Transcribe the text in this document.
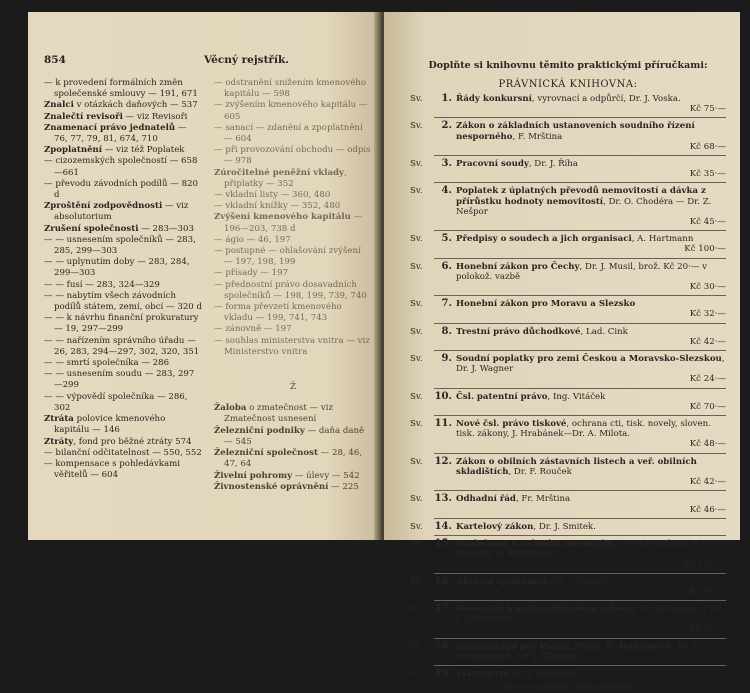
854	Věcný rejstřík.

— k provedení formálních změn společenské smlouvy — 191, 671

Znalci v otázkách daňových — 537

Znalečtí revisoři — viz Revisoři

Znamenací právo jednatelů — 76, 77, 79, 81, 674, 710

Zpoplatnění — viz též Poplatek

— cizozemských společností — 658—661

— převodu závodních podílů — 820 d

Zproštění zodpovědnosti — viz absolutorium

Zrušení společnosti — 283—303

— — usnesením společníků — 283, 285, 299—303

— — uplynutím doby — 283, 284, 299—303

— — fusí — 283, 324—329

— — nabytím všech závodních podílů státem, zemí, obcí — 320 d

— — k návrhu finanční prokuratury — 19, 297—299

— — nařízením správního úřadu — 26, 283, 294—297, 302, 320, 351

— — smrtí společníka — 286

— — usnesením soudu — 283, 297—299

— — výpovědí společníka — 286, 302

Ztráta polovice kmenového kapitálu — 146

Ztráty, fond pro běžné ztráty 574

— bilanční odčitatelnost — 550, 552

— kompensace s pohledávkami věřitelů — 604

— odstranění snížením kmenového kapitálu — 598

— zvýšením kmenového kapitálu — 605

— sanací — zdanění a zpoplatnění — 604

— při provozování obchodu — odpis — 978

Zúročitelné peněžní vklady, připlatky — 352

— vkladní listy — 360, 480

— vkladní knížky — 352, 480

Zvýšení kmenového kapitálu — 196—203, 738 d

— ágio — 46, 197

— postupné — ohlašování zvýšení — 197, 198, 199

— přísady — 197

— přednostní právo dosavadních společníků — 198, 199, 739, 740

— forma převzetí kmenového vkladu — 199, 741, 743

— zánovně — 197

— souhlas ministerstva vnitra — viz Ministerstvo vnitra

Ž

Žaloba o zmatečnost — viz Zmatečnost usnesení

Železniční podniky — daňa daně — 545

Železniční společnost — 28, 46, 47, 64

Živelní pohromy — úlevy — 542

Živnostenské oprávnění — 225

Doplňte si knihovnu těmito praktickými příručkami:
PRÁVNICKÁ KNIHOVNA:
Sv.	1. Řády konkursní, vyrovnací a odpůrčí, Dr. J. Voska.
Kč 75·—
Sv.	2. Zákon o základních ustanoveních soudního řízení nesporného, F. Mrština
Kč 68·—
Sv.	3. Pracovní soudy, Dr. J. Říha
Kč 35·—
Sv.	4. Poplatek z úplatných převodů nemovitostí a dávka z přírůstku hodnoty nemovitostí, Dr. O. Chodéra — Dr. Z. Nešpor
Kč 45·—
Sv.	5. Předpisy o soudech a jich organisaci, A. Hartmann
Kč 100·—
Sv.	6. Honební zákon pro Čechy, Dr. J. Musil, brož. Kč 20·— v polokož. vazbě
Kč 30·—
Sv.	7. Honební zákon pro Moravu a Slezsko
Kč 32·—
Sv.	8. Trestní právo důchodkové, Lad. Cink
Kč 42·—
Sv.	9. Soudní poplatky pro zemi Českou a Moravsko-Slezskou, Dr. J. Wagner
Kč 24·—
Sv.	10. Čsl. patentní právo, Ing. Vitáček
Kč 70·—
Sv.	11. Nové čsl. právo tiskové, ochrana cti, tisk. novely, sloven. tisk. zákony, J. Hrabánek—Dr. A. Milota.
Kč 48·—
Sv.	12. Zákon o obilních zástavních listech a veř. obilních skladištích, Dr. F. Rouček
Kč 42·—
Sv.	13. Odhadní řád, Fr. Mrština
Kč 46·—
Sv.	14. Kartelový zákon, Dr. J. Smitek.
Sv.	15. Společnost s ručením omezeným, Dr. H.Patsch-Dr. P. C. Nesý-Dr. A. Kozáková
Kč 100·—
Sv.	16. Akciová společnost, Dr. J. Počvář
Kč 55·—
Sv.	17. Komentář k automobilovému zákonu, A. Hartmann — Dr. J. Guttenstein
Kč 45·—
Sv.	18. Stavební řád pro Prahu, Plzeň, Č. Budějovice, Dr. F. Freudenfeld - Dr. J. Kliment
Sv.	19. Vlastnictví, Dr. J. Sedláček.
Vše ve vazbách polokožených.
